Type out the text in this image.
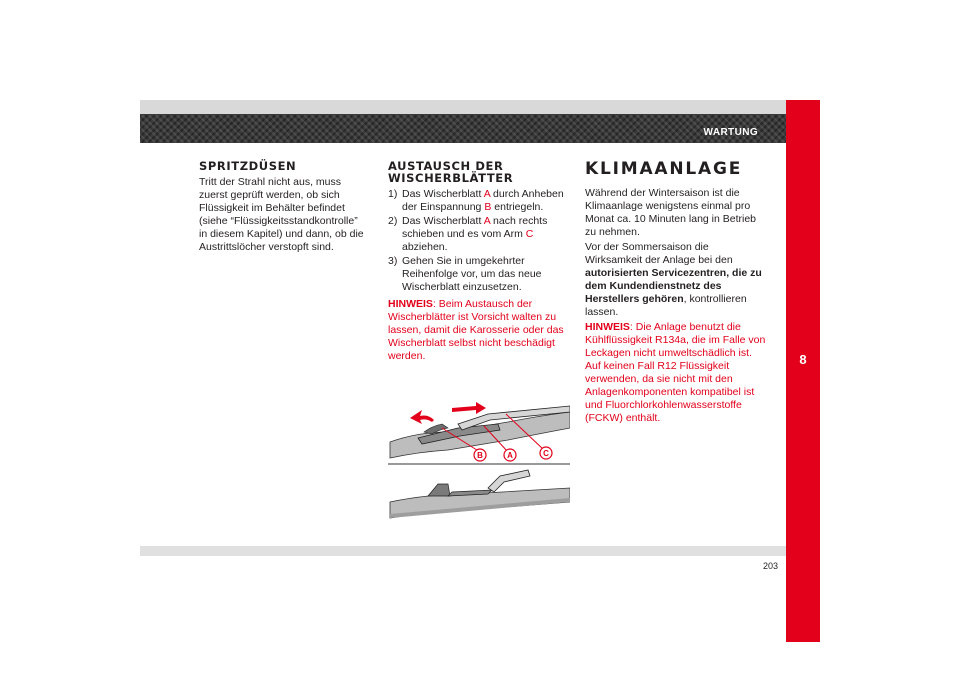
WARTUNG
8
203
SPRITZDÜSEN

Tritt der Strahl nicht aus, muss zuerst geprüft werden, ob sich Flüssigkeit im Behälter befindet (siehe “Flüssigkeitsstandkontrolle” in diesem Kapitel) und dann, ob die Austrittslöcher verstopft sind.

AUSTAUSCH DER
WISCHERBLÄTTER
1) Das Wischerblatt A durch Anheben der Einspannung B entriegeln.
2) Das Wischerblatt A nach rechts schieben und es vom Arm C abziehen.
3) Gehen Sie in umgekehrter Reihenfolge vor, um das neue Wischerblatt einzusetzen.

HINWEIS: Beim Austausch der Wischerblätter ist Vorsicht walten zu lassen, damit die Karosserie oder das Wischerblatt selbst nicht beschädigt werden.

B	A	C
KLIMAANLAGE

Während der Wintersaison ist die Klimaanlage wenigstens einmal pro Monat ca. 10 Minuten lang in Betrieb zu nehmen.

Vor der Sommersaison die Wirksamkeit der Anlage bei den autorisierten Servicezentren, die zu dem Kundendienstnetz des Herstellers gehören, kontrollieren lassen.

HINWEIS: Die Anlage benutzt die Kühlflüssigkeit R134a, die im Falle von Leckagen nicht umweltschädlich ist. Auf keinen Fall R12 Flüssigkeit verwenden, da sie nicht mit den Anlagenkomponenten kompatibel ist und Fluorchlorkohlenwasserstoffe (FCKW) enthält.
